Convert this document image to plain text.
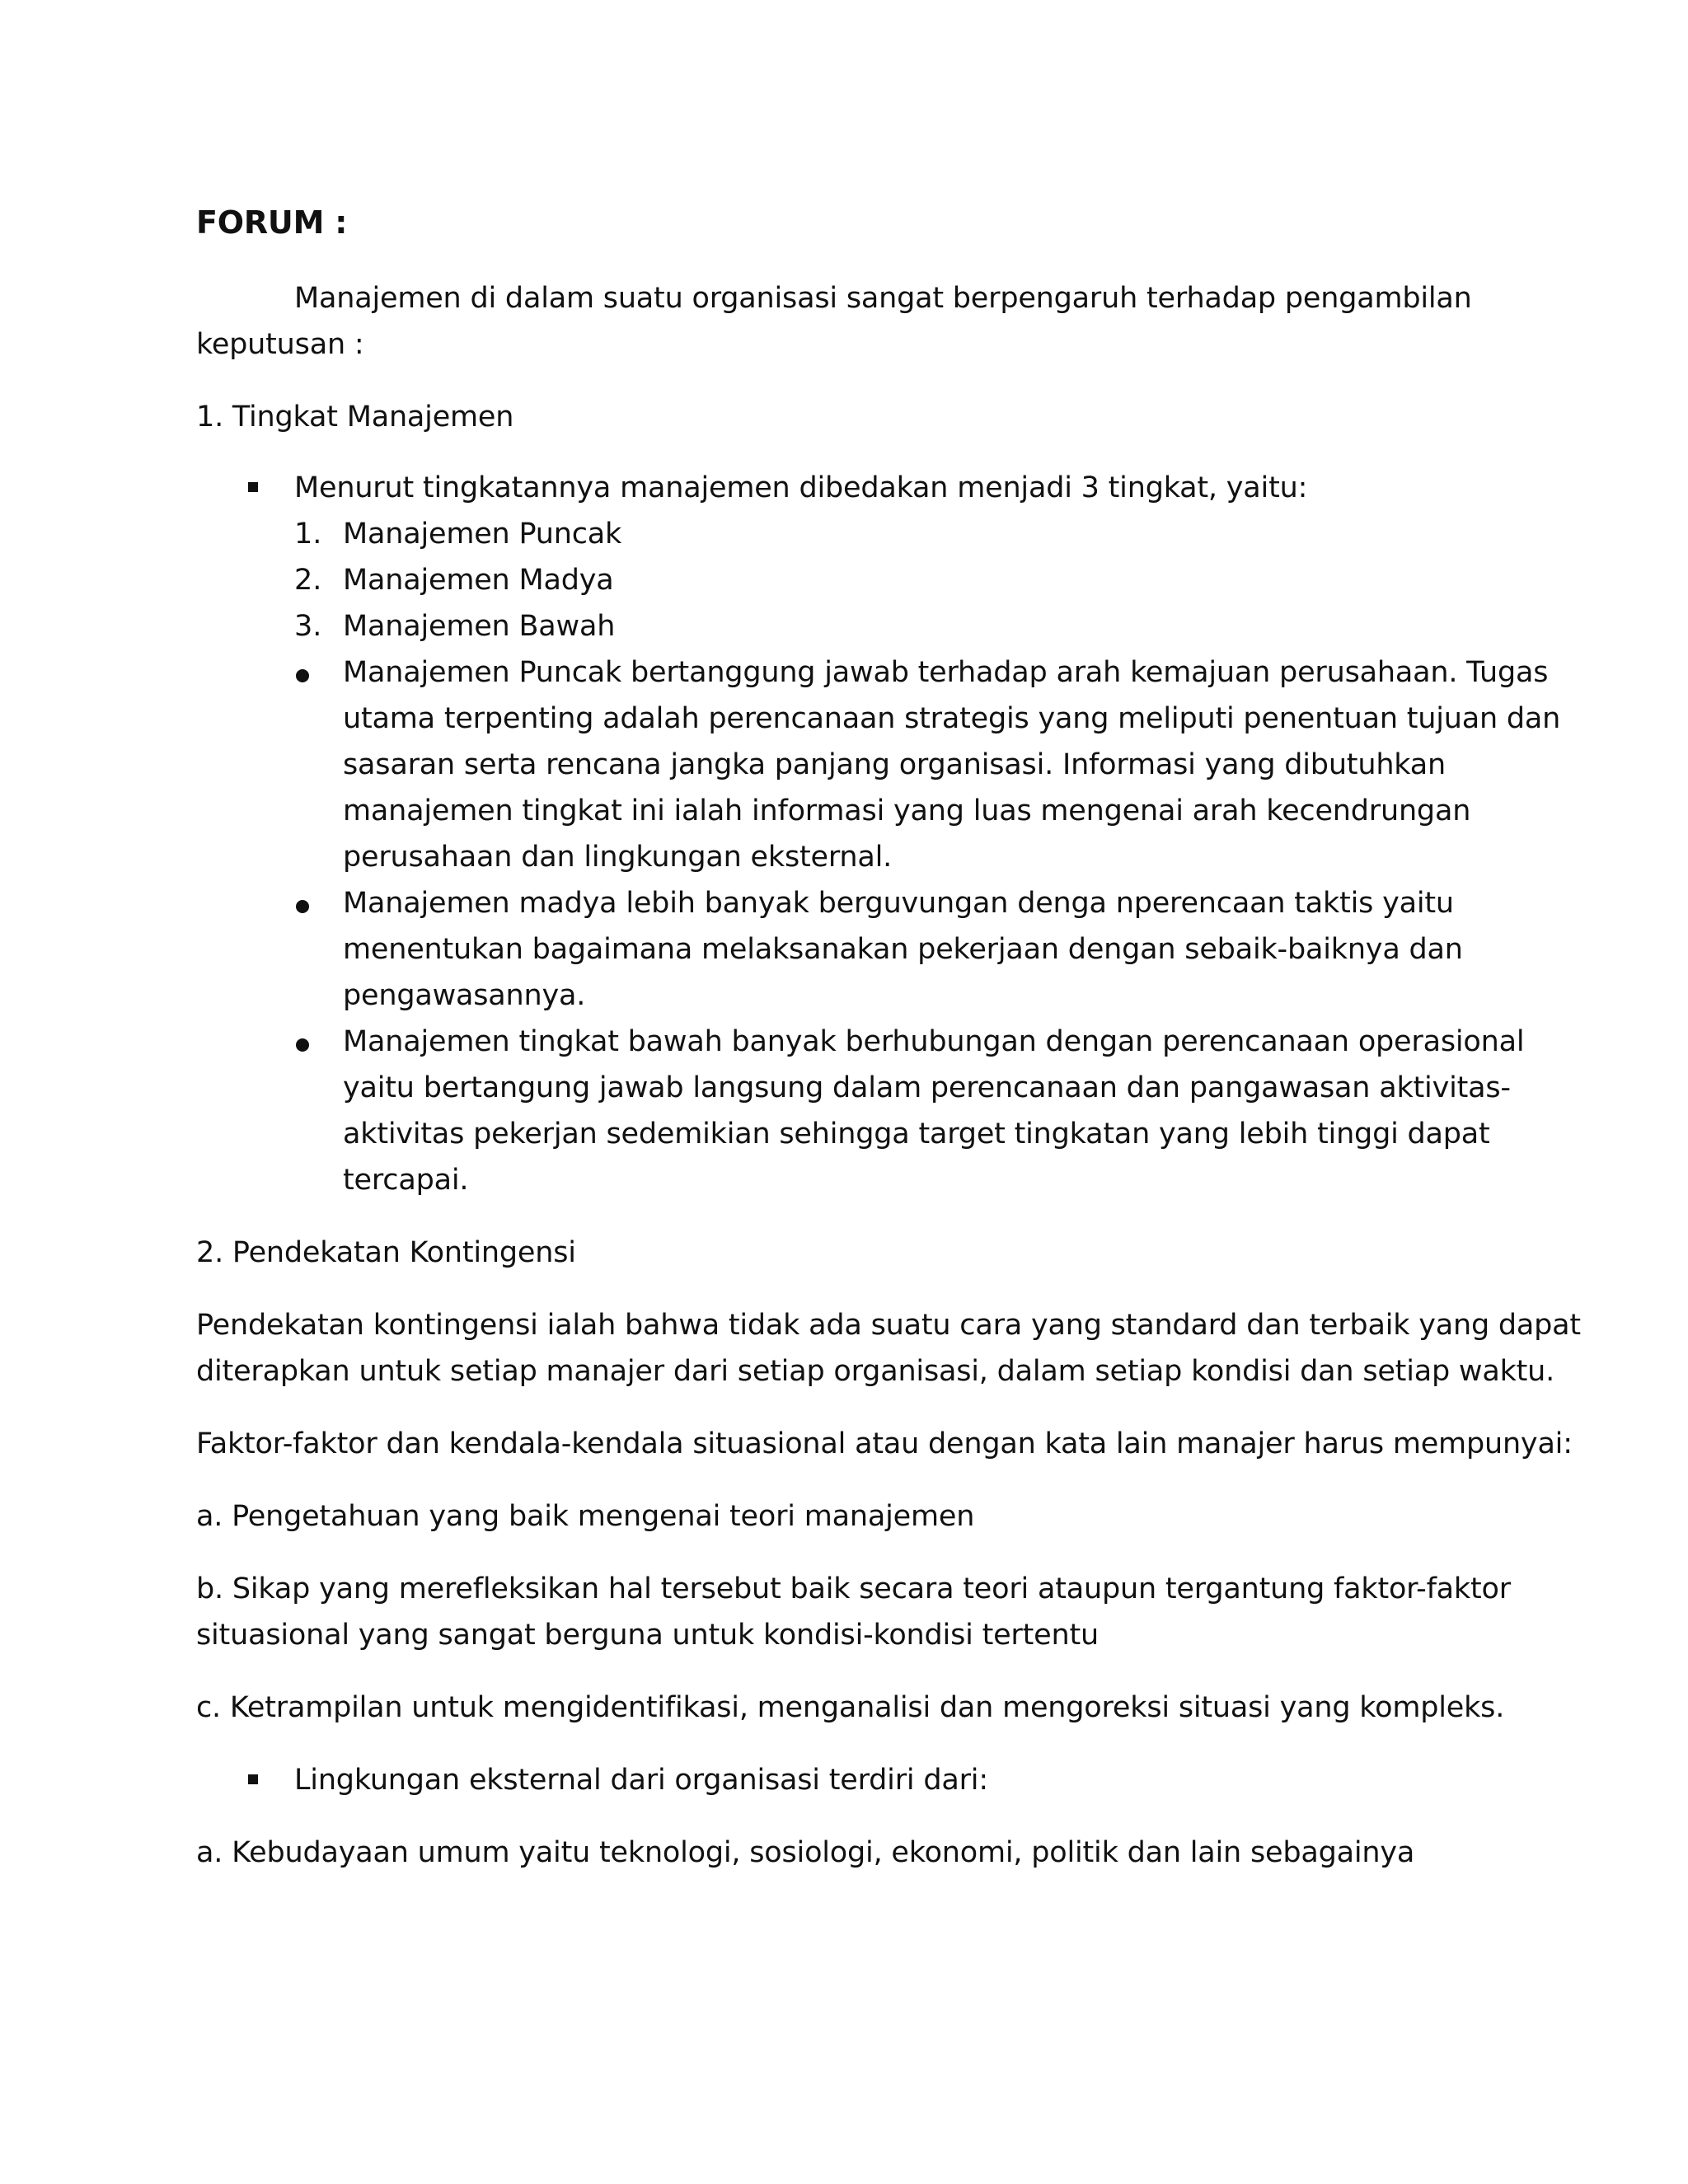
FORUM :
Manajemen di dalam suatu organisasi sangat berpengaruh terhadap pengambilan
keputusan :
1. Tingkat Manajemen
Menurut tingkatannya manajemen dibedakan menjadi 3 tingkat, yaitu:
1. Manajemen Puncak
2. Manajemen Madya
3. Manajemen Bawah
Manajemen Puncak bertanggung jawab terhadap arah kemajuan perusahaan. Tugas
utama terpenting adalah perencanaan strategis yang meliputi penentuan tujuan dan
sasaran serta rencana jangka panjang organisasi. Informasi yang dibutuhkan
manajemen tingkat ini ialah informasi yang luas mengenai arah kecendrungan
perusahaan dan lingkungan eksternal.
Manajemen madya lebih banyak berguvungan denga nperencaan taktis yaitu
menentukan bagaimana melaksanakan pekerjaan dengan sebaik-baiknya dan
pengawasannya.
Manajemen tingkat bawah banyak berhubungan dengan perencanaan operasional
yaitu bertangung jawab langsung dalam perencanaan dan pangawasan aktivitas-
aktivitas pekerjan sedemikian sehingga target tingkatan yang lebih tinggi dapat
tercapai.
2. Pendekatan Kontingensi
Pendekatan kontingensi ialah bahwa tidak ada suatu cara yang standard dan terbaik yang dapat
diterapkan untuk setiap manajer dari setiap organisasi, dalam setiap kondisi dan setiap waktu.
Faktor-faktor dan kendala-kendala situasional atau dengan kata lain manajer harus mempunyai:
a. Pengetahuan yang baik mengenai teori manajemen
b. Sikap yang merefleksikan hal tersebut baik secara teori ataupun tergantung faktor-faktor
situasional yang sangat berguna untuk kondisi-kondisi tertentu
c. Ketrampilan untuk mengidentifikasi, menganalisi dan mengoreksi situasi yang kompleks.
Lingkungan eksternal dari organisasi terdiri dari:
a. Kebudayaan umum yaitu teknologi, sosiologi, ekonomi, politik dan lain sebagainya
